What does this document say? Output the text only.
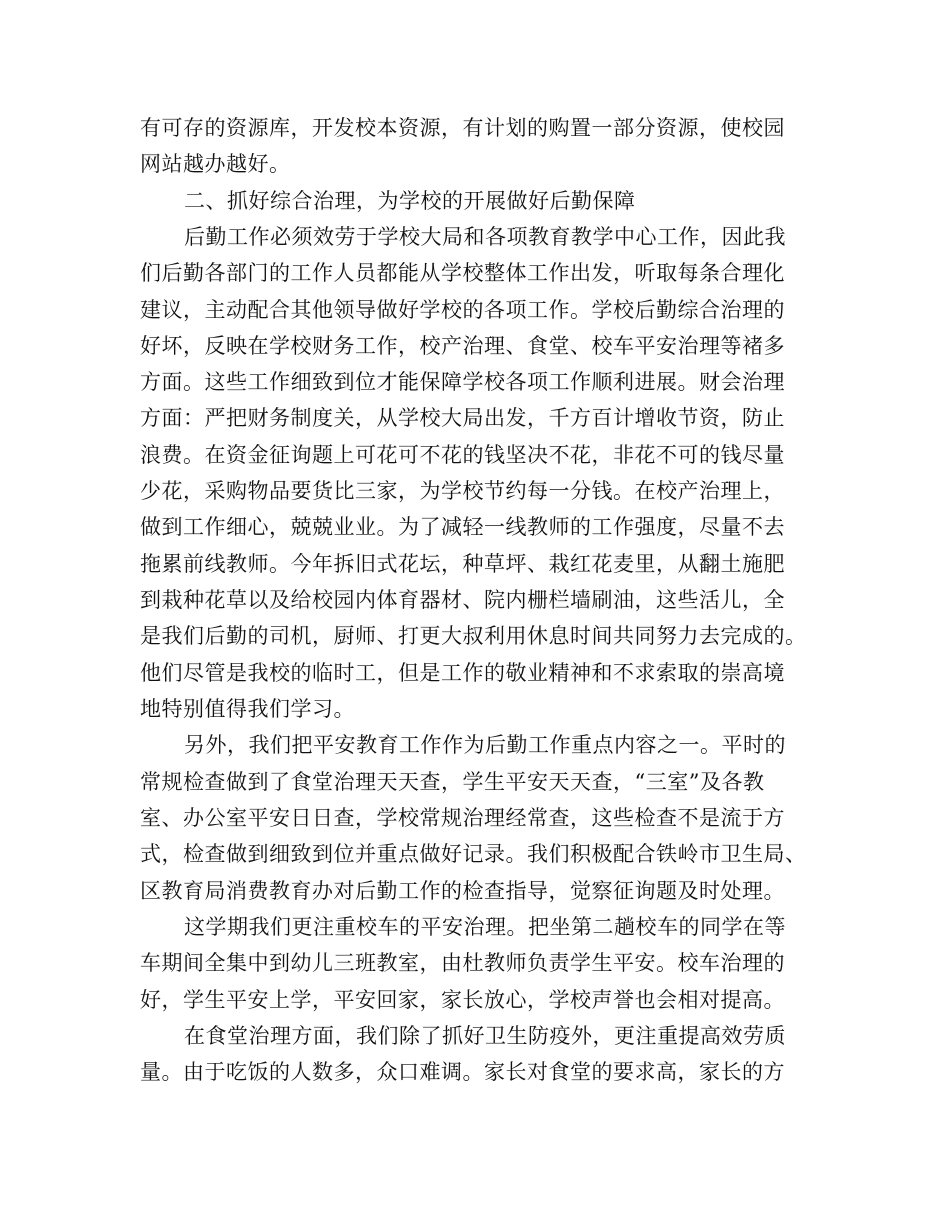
有可存的资源库，开发校本资源，有计划的购置一部分资源，使校园
网站越办越好。
二、抓好综合治理，为学校的开展做好后勤保障
后勤工作必须效劳于学校大局和各项教育教学中心工作，因此我
们后勤各部门的工作人员都能从学校整体工作出发，听取每条合理化
建议，主动配合其他领导做好学校的各项工作。学校后勤综合治理的
好坏，反映在学校财务工作，校产治理、食堂、校车平安治理等褚多
方面。这些工作细致到位才能保障学校各项工作顺利进展。财会治理
方面：严把财务制度关，从学校大局出发，千方百计增收节资，防止
浪费。在资金征询题上可花可不花的钱坚决不花，非花不可的钱尽量
少花，采购物品要货比三家，为学校节约每一分钱。在校产治理上，
做到工作细心，兢兢业业。为了减轻一线教师的工作强度，尽量不去
拖累前线教师。今年拆旧式花坛，种草坪、栽红花麦里，从翻土施肥
到栽种花草以及给校园内体育器材、院内栅栏墙刷油，这些活儿，全
是我们后勤的司机，厨师、打更大叔利用休息时间共同努力去完成的。
他们尽管是我校的临时工，但是工作的敬业精神和不求索取的崇高境
地特别值得我们学习。
另外，我们把平安教育工作作为后勤工作重点内容之一。平时的
常规检查做到了食堂治理天天查，学生平安天天查，“三室”及各教
室、办公室平安日日查，学校常规治理经常查，这些检查不是流于方
式，检查做到细致到位并重点做好记录。我们积极配合铁岭市卫生局、
区教育局消费教育办对后勤工作的检查指导，觉察征询题及时处理。
这学期我们更注重校车的平安治理。把坐第二趟校车的同学在等
车期间全集中到幼儿三班教室，由杜教师负责学生平安。校车治理的
好，学生平安上学，平安回家，家长放心，学校声誉也会相对提高。
在食堂治理方面，我们除了抓好卫生防疫外，更注重提高效劳质
量。由于吃饭的人数多，众口难调。家长对食堂的要求高，家长的方
